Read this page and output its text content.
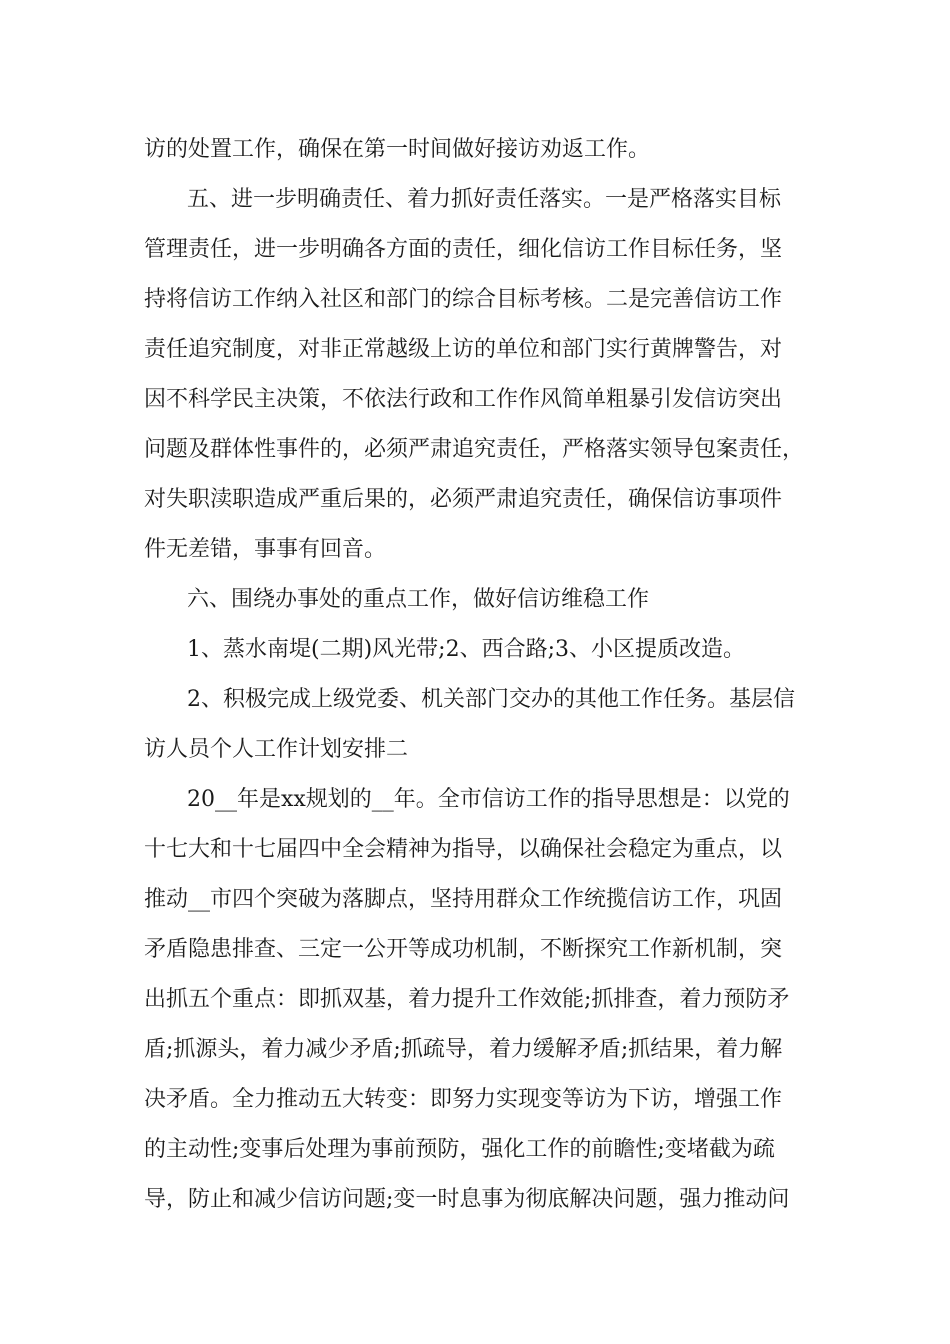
访的处置工作，确保在第一时间做好接访劝返工作。
五、进一步明确责任、着力抓好责任落实。一是严格落实目标
管理责任，进一步明确各方面的责任，细化信访工作目标任务，坚
持将信访工作纳入社区和部门的综合目标考核。二是完善信访工作
责任追究制度，对非正常越级上访的单位和部门实行黄牌警告，对
因不科学民主决策，不依法行政和工作作风简单粗暴引发信访突出
问题及群体性事件的，必须严肃追究责任，严格落实领导包案责任，
对失职渎职造成严重后果的，必须严肃追究责任，确保信访事项件
件无差错，事事有回音。
六、围绕办事处的重点工作，做好信访维稳工作
1、蒸水南堤(二期)风光带;2、西合路;3、小区提质改造。
2、积极完成上级党委、机关部门交办的其他工作任务。基层信
访人员个人工作计划安排二
20__年是xx规划的__年。全市信访工作的指导思想是：以党的
十七大和十七届四中全会精神为指导，以确保社会稳定为重点，以
推动__市四个突破为落脚点，坚持用群众工作统揽信访工作，巩固
矛盾隐患排查、三定一公开等成功机制，不断探究工作新机制，突
出抓五个重点：即抓双基，着力提升工作效能;抓排查，着力预防矛
盾;抓源头，着力减少矛盾;抓疏导，着力缓解矛盾;抓结果，着力解
决矛盾。全力推动五大转变：即努力实现变等访为下访，增强工作
的主动性;变事后处理为事前预防，强化工作的前瞻性;变堵截为疏
导，防止和减少信访问题;变一时息事为彻底解决问题，强力推动问
